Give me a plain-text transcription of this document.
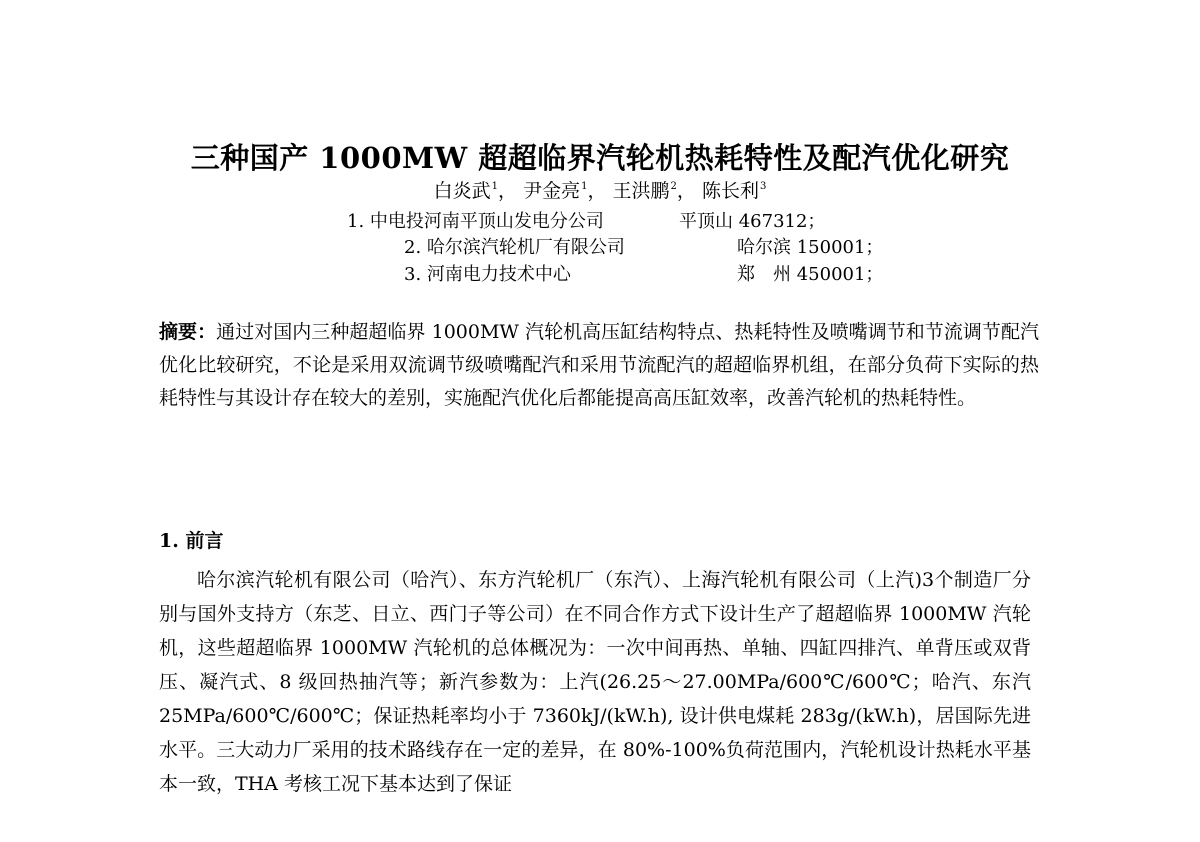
三种国产 1000MW 超超临界汽轮机热耗特性及配汽优化研究
白炎武$^1$， 尹金亮$^1$， 王洪鹏$^2$， 陈长利$^3$
1. 中电投河南平顶山发电分公司	平顶山 467312；
2. 哈尔滨汽轮机厂有限公司	哈尔滨 150001；
3. 河南电力技术中心	郑　州 450001；
摘要：通过对国内三种超超临界 1000MW 汽轮机高压缸结构特点、热耗特性及喷嘴调节和节流调节配汽优化比较研究，不论是采用双流调节级喷嘴配汽和采用节流配汽的超超临界机组，在部分负荷下实际的热耗特性与其设计存在较大的差别，实施配汽优化后都能提高高压缸效率，改善汽轮机的热耗特性。
1. 前言
哈尔滨汽轮机有限公司（哈汽）、东方汽轮机厂（东汽）、上海汽轮机有限公司（上汽)3个制造厂分别与国外支持方（东芝、日立、西门子等公司）在不同合作方式下设计生产了超超临界 1000MW 汽轮机，这些超超临界 1000MW 汽轮机的总体概况为：一次中间再热、单轴、四缸四排汽、单背压或双背压、凝汽式、8 级回热抽汽等；新汽参数为：上汽(26.25～27.00MPa/600℃/600℃；哈汽、东汽 25MPa/600℃/600℃；保证热耗率均小于 7360kJ/(kW.h), 设计供电煤耗 283g/(kW.h)，居国际先进水平。三大动力厂采用的技术路线存在一定的差异，在 80%-100%负荷范围内，汽轮机设计热耗水平基本一致，THA 考核工况下基本达到了保证
